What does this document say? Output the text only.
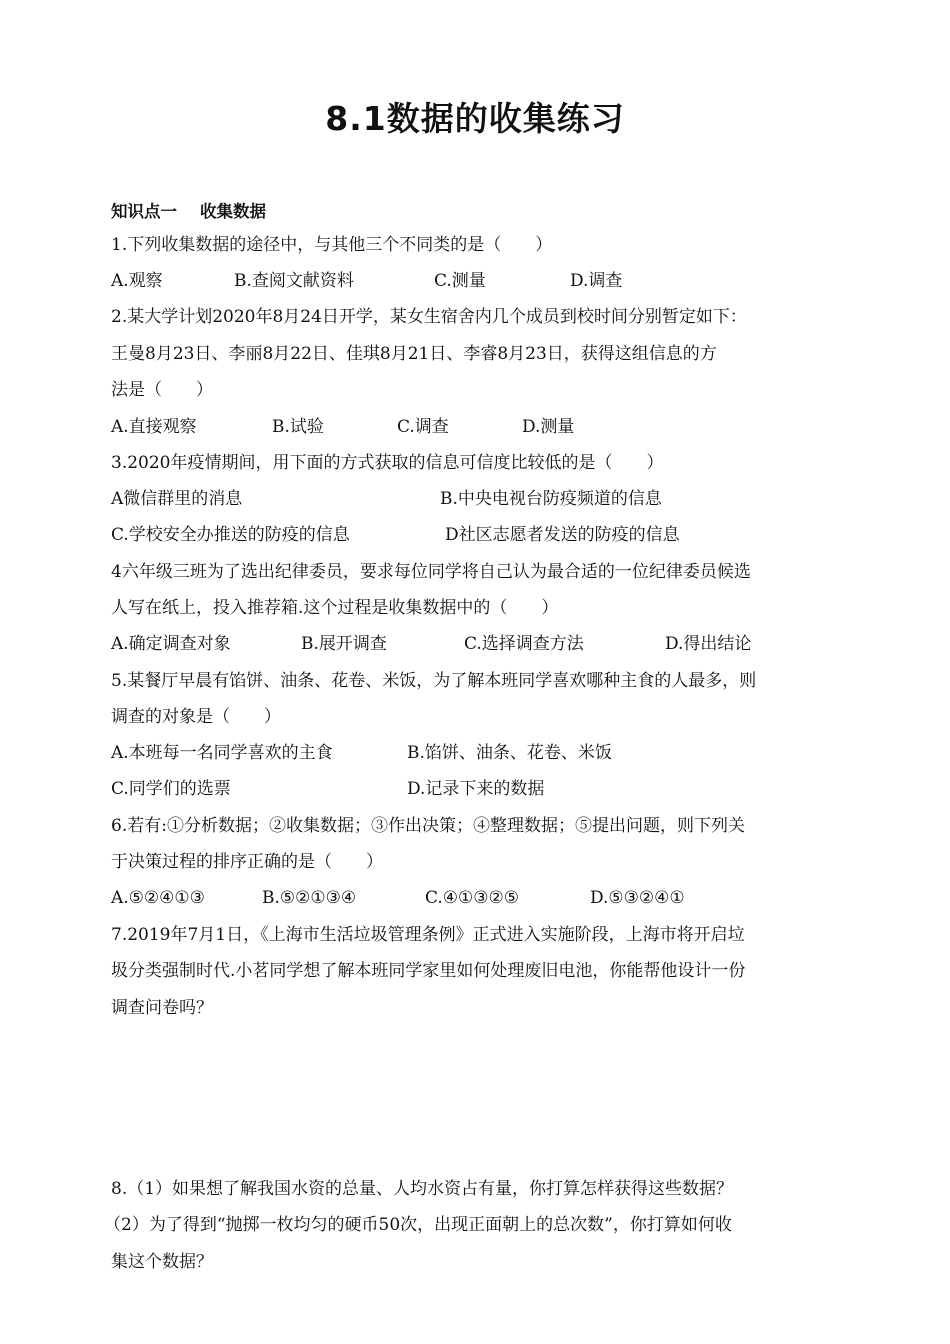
8.1数据的收集练习
知识点一    收集数据
1.下列收集数据的途径中，与其他三个不同类的是（　　）
A.观察	B.查阅文献资料	C.测量	D.调查
2.某大学计划2020年8月24日开学，某女生宿舍内几个成员到校时间分别暂定如下：
王曼8月23日、李丽8月22日、佳琪8月21日、李睿8月23日，获得这组信息的方
法是（　　）
A.直接观察	B.试验	C.调查	D.测量
3.2020年疫情期间，用下面的方式获取的信息可信度比较低的是（　　）
A微信群里的消息	B.中央电视台防疫频道的信息
C.学校安全办推送的防疫的信息	D社区志愿者发送的防疫的信息
4六年级三班为了选出纪律委员，要求每位同学将自己认为最合适的一位纪律委员候选
人写在纸上，投入推荐箱.这个过程是收集数据中的（　　）
A.确定调查对象	B.展开调查	C.选择调查方法	D.得出结论
5.某餐厅早晨有馅饼、油条、花卷、米饭，为了解本班同学喜欢哪种主食的人最多，则
调查的对象是（　　）
A.本班每一名同学喜欢的主食	B.馅饼、油条、花卷、米饭
C.同学们的选票	D.记录下来的数据
6.若有:①分析数据；②收集数据；③作出决策；④整理数据；⑤提出问题，则下列关
于决策过程的排序正确的是（　　）
A.⑤②④①③	B.⑤②①③④	C.④①③②⑤	D.⑤③②④①
7.2019年7月1日，《上海市生活垃圾管理条例》正式进入实施阶段，上海市将开启垃
圾分类强制时代.小茗同学想了解本班同学家里如何处理废旧电池，你能帮他设计一份
调查问卷吗？
8.（1）如果想了解我国水资的总量、人均水资占有量，你打算怎样获得这些数据？
（2）为了得到“抛掷一枚均匀的硬币50次，出现正面朝上的总次数”，你打算如何收
集这个数据？
